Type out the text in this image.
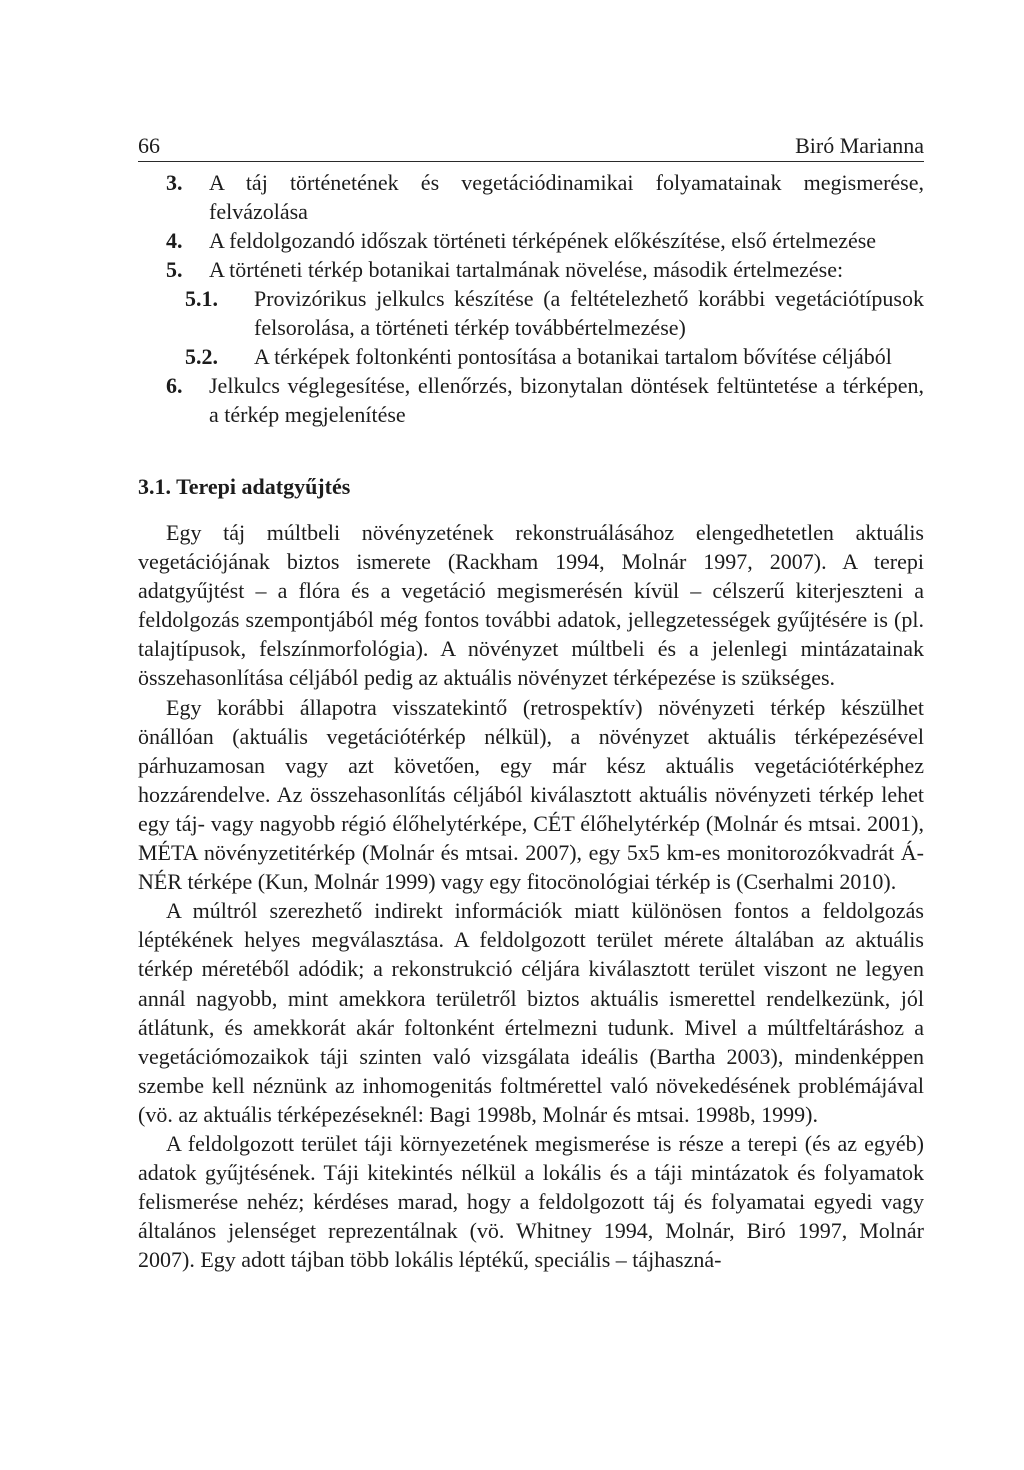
66	Biró Marianna
3.	A táj történetének és vegetációdinamikai folyamatainak megismerése, felvázolása
4.	A feldolgozandó időszak történeti térképének előkészítése, első értelmezése
5.	A történeti térkép botanikai tartalmának növelése, második értelmezése:
5.1.	Provizórikus jelkulcs készítése (a feltételezhető korábbi vegetációtípusok felsorolása, a történeti térkép továbbértelmezése)
5.2.	A térképek foltonkénti pontosítása a botanikai tartalom bővítése céljából
6.	Jelkulcs véglegesítése, ellenőrzés, bizonytalan döntések feltüntetése a térképen, a térkép megjelenítése
3.1. Terepi adatgyűjtés

Egy táj múltbeli növényzetének rekonstruálásához elengedhetetlen aktuális vegetációjának biztos ismerete (Rackham 1994, Molnár 1997, 2007). A terepi adatgyűjtést – a flóra és a vegetáció megismerésén kívül – célszerű kiterjeszteni a feldolgozás szempontjából még fontos további adatok, jellegzetességek gyűjtésére is (pl. talajtípusok, felszínmorfológia). A növényzet múltbeli és a jelenlegi mintázatainak összehasonlítása céljából pedig az aktuális növényzet térképezése is szükséges.

Egy korábbi állapotra visszatekintő (retrospektív) növényzeti térkép készülhet önállóan (aktuális vegetációtérkép nélkül), a növényzet aktuális térképezésével párhuzamosan vagy azt követően, egy már kész aktuális vegetációtérképhez hozzárendelve. Az összehasonlítás céljából kiválasztott aktuális növényzeti térkép lehet egy táj- vagy nagyobb régió élőhelytérképe, CÉT élőhelytérkép (Molnár és mtsai. 2001), MÉTA növényzetitérkép (Molnár és mtsai. 2007), egy 5x5 km-es monitorozókvadrát Á-NÉR térképe (Kun, Molnár 1999) vagy egy fitocönológiai térkép is (Cserhalmi 2010).

A múltról szerezhető indirekt információk miatt különösen fontos a feldolgozás léptékének helyes megválasztása. A feldolgozott terület mérete általában az aktuális térkép méretéből adódik; a rekonstrukció céljára kiválasztott terület viszont ne legyen annál nagyobb, mint amekkora területről biztos aktuális ismerettel rendelkezünk, jól átlátunk, és amekkorát akár foltonként értelmezni tudunk. Mivel a múltfeltáráshoz a vegetációmozaikok táji szinten való vizsgálata ideális (Bartha 2003), mindenképpen szembe kell néznünk az inhomogenitás foltmérettel való növekedésének problémájával (vö. az aktuális térképezéseknél: Bagi 1998b, Molnár és mtsai. 1998b, 1999).

A feldolgozott terület táji környezetének megismerése is része a terepi (és az egyéb) adatok gyűjtésének. Táji kitekintés nélkül a lokális és a táji mintázatok és folyamatok felismerése nehéz; kérdéses marad, hogy a feldolgozott táj és folyamatai egyedi vagy általános jelenséget reprezentálnak (vö. Whitney 1994, Molnár, Biró 1997, Molnár 2007). Egy adott tájban több lokális léptékű, speciális – tájhaszná-
